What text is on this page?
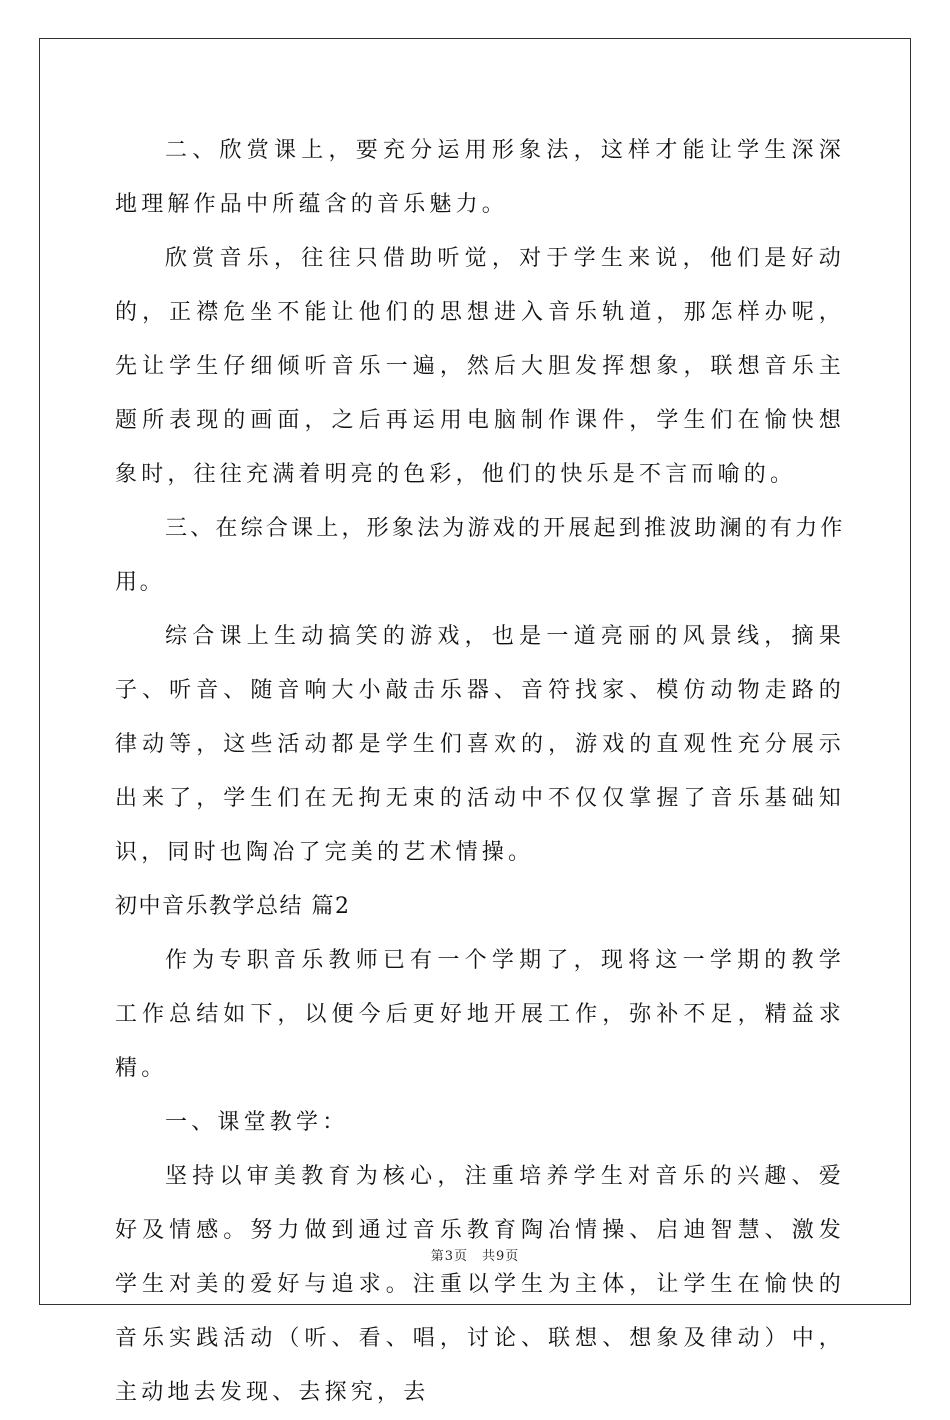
二、欣赏课上，要充分运用形象法，这样才能让学生深深地理解作品中所蕴含的音乐魅力。

欣赏音乐，往往只借助听觉，对于学生来说，他们是好动的，正襟危坐不能让他们的思想进入音乐轨道，那怎样办呢，先让学生仔细倾听音乐一遍，然后大胆发挥想象，联想音乐主题所表现的画面，之后再运用电脑制作课件，学生们在愉快想象时，往往充满着明亮的色彩，他们的快乐是不言而喻的。

三、在综合课上，形象法为游戏的开展起到推波助澜的有力作用。

综合课上生动搞笑的游戏，也是一道亮丽的风景线，摘果子、听音、随音响大小敲击乐器、音符找家、模仿动物走路的律动等，这些活动都是学生们喜欢的，游戏的直观性充分展示出来了，学生们在无拘无束的活动中不仅仅掌握了音乐基础知识，同时也陶冶了完美的艺术情操。

初中音乐教学总结 篇2

作为专职音乐教师已有一个学期了，现将这一学期的教学工作总结如下，以便今后更好地开展工作，弥补不足，精益求精。

一、课堂教学：

坚持以审美教育为核心，注重培养学生对音乐的兴趣、爱好及情感。努力做到通过音乐教育陶冶情操、启迪智慧、激发学生对美的爱好与追求。注重以学生为主体，让学生在愉快的音乐实践活动（听、看、唱，讨论、联想、想象及律动）中，主动地去发现、去探究，去

第3页 共9页
